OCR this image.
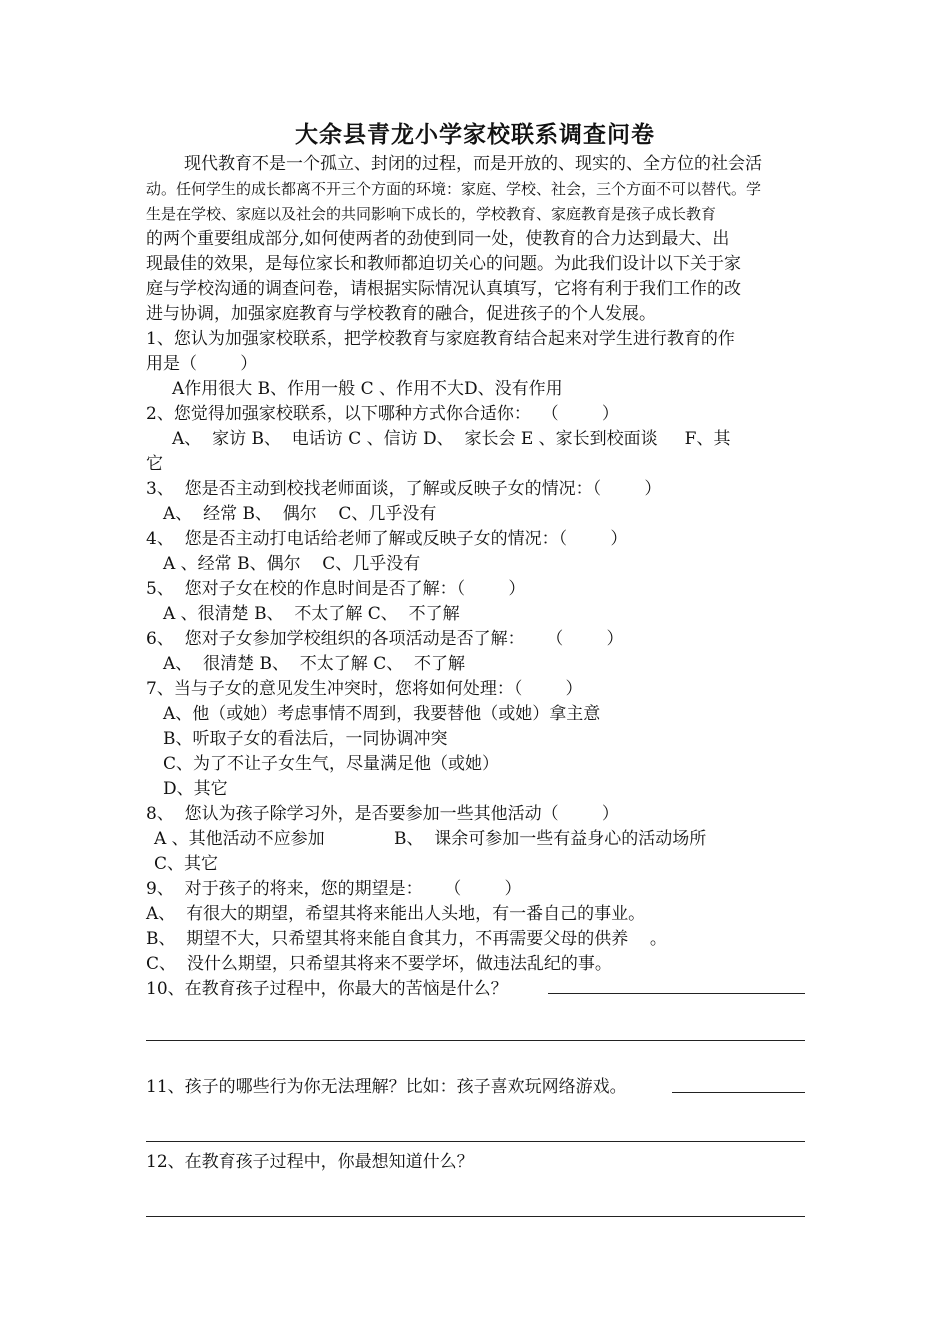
大余县青龙小学家校联系调查问卷
现代教育不是一个孤立、封闭的过程，而是开放的、现实的、全方位的社会活
动。任何学生的成长都离不开三个方面的环境：家庭、学校、社会，三个方面不可以替代。学
生是在学校、家庭以及社会的共同影响下成长的，学校教育、家庭教育是孩子成长教育
的两个重要组成部分,如何使两者的劲使到同一处，使教育的合力达到最大、出
现最佳的效果，是每位家长和教师都迫切关心的问题。为此我们设计以下关于家
庭与学校沟通的调查问卷，请根据实际情况认真填写，它将有利于我们工作的改
进与协调，加强家庭教育与学校教育的融合，促进孩子的个人发展。
1、您认为加强家校联系，把学校教育与家庭教育结合起来对学生进行教育的作
用是（        ）
A作用很大 B、作用一般 C 、作用不大D、没有作用
2、您觉得加强家校联系，以下哪种方式你合适你：  （        ）
A、  家访 B、  电话访 C 、信访 D、  家长会 E 、家长到校面谈     F、其
它
3、  您是否主动到校找老师面谈，了解或反映子女的情况：（        ）
A、  经常 B、  偶尔    C、几乎没有
4、  您是否主动打电话给老师了解或反映子女的情况：（        ）
A 、经常 B、偶尔    C、几乎没有
5、  您对子女在校的作息时间是否了解：（        ）
A 、很清楚 B、  不太了解 C、  不了解
6、  您对子女参加学校组织的各项活动是否了解：    （        ）
A、  很清楚 B、  不太了解 C、  不了解
7、当与子女的意见发生冲突时，您将如何处理：（        ）
A、他（或她）考虑事情不周到，我要替他（或她）拿主意
B、听取子女的看法后，一同协调冲突
C、为了不让子女生气，尽量满足他（或她）
D、其它
8、  您认为孩子除学习外，是否要参加一些其他活动（        ）
A 、其他活动不应参加	B、  课余可参加一些有益身心的活动场所
C、其它
9、  对于孩子的将来，您的期望是：    （        ）
A、  有很大的期望，希望其将来能出人头地，有一番自己的事业。
B、  期望不大，只希望其将来能自食其力，不再需要父母的供养    。
C、  没什么期望，只希望其将来不要学坏，做违法乱纪的事。
10、在教育孩子过程中，你最大的苦恼是什么？
11、孩子的哪些行为你无法理解？比如：孩子喜欢玩网络游戏。
12、在教育孩子过程中，你最想知道什么？
